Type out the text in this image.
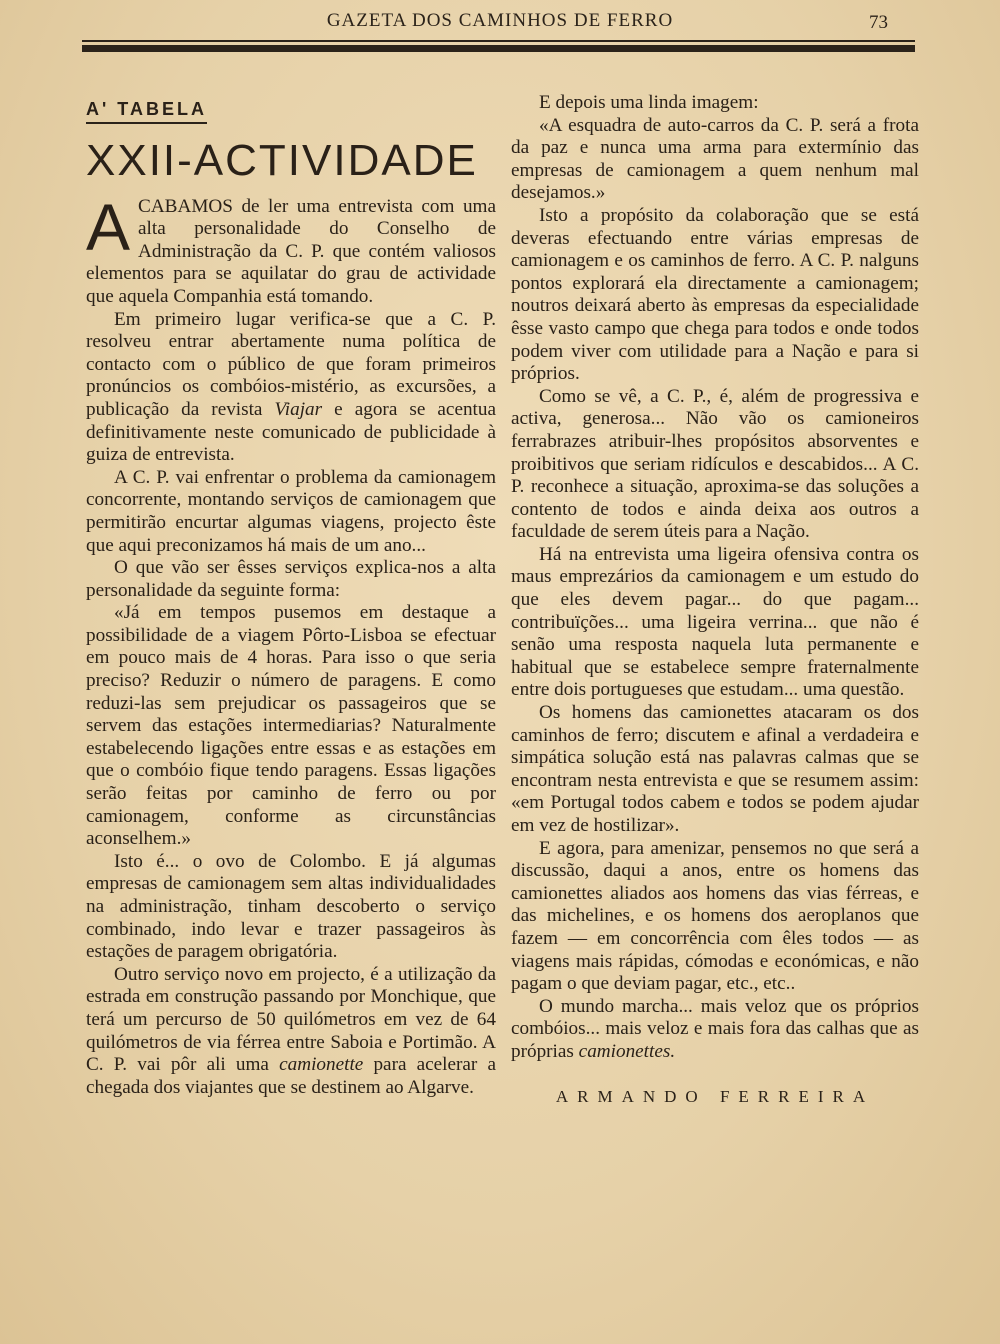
GAZETA DOS CAMINHOS DE FERRO	73
A' TABELA
XXII-ACTIVIDADE

ACABAMOS de ler uma entrevista com uma alta personalidade do Conselho de Administração da C. P. que contém valiosos elementos para se aquilatar do grau de actividade que aquela Companhia está tomando.

Em primeiro lugar verifica-se que a C. P. resolveu entrar abertamente numa política de contacto com o público de que foram primeiros pronúncios os combóios-mistério, as excursões, a publicação da revista Viajar e agora se acentua definitivamente neste comunicado de publicidade à guiza de entrevista.

A C. P. vai enfrentar o problema da camionagem concorrente, montando serviços de camionagem que permitirão encurtar algumas viagens, projecto êste que aqui preconizamos há mais de um ano...

O que vão ser êsses serviços explica-nos a alta personalidade da seguinte forma:

«Já em tempos pusemos em destaque a possibilidade de a viagem Pôrto-Lisboa se efectuar em pouco mais de 4 horas. Para isso o que seria preciso? Reduzir o número de paragens. E como reduzi-las sem prejudicar os passageiros que se servem das estações intermediarias? Naturalmente estabelecendo ligações entre essas e as estações em que o combóio fique tendo paragens. Essas ligações serão feitas por caminho de ferro ou por camionagem, conforme as circunstâncias aconselhem.»

Isto é... o ovo de Colombo. E já algumas empresas de camionagem sem altas individualidades na administração, tinham descoberto o serviço combinado, indo levar e trazer passageiros às estações de paragem obrigatória.

Outro serviço novo em projecto, é a utilização da estrada em construção passando por Monchique, que terá um percurso de 50 quilómetros em vez de 64 quilómetros de via férrea entre Saboia e Portimão. A C. P. vai pôr ali uma camionette para acelerar a chegada dos viajantes que se destinem ao Algarve.

E depois uma linda imagem:

«A esquadra de auto-carros da C. P. será a frota da paz e nunca uma arma para extermínio das empresas de camionagem a quem nenhum mal desejamos.»

Isto a propósito da colaboração que se está deveras efectuando entre várias empresas de camionagem e os caminhos de ferro. A C. P. nalguns pontos explorará ela directamente a camionagem; noutros deixará aberto às empresas da especialidade êsse vasto campo que chega para todos e onde todos podem viver com utilidade para a Nação e para si próprios.

Como se vê, a C. P., é, além de progressiva e activa, generosa... Não vão os camioneiros ferrabrazes atribuir-lhes propósitos absorventes e proibitivos que seriam ridículos e descabidos... A C. P. reconhece a situação, aproxima-se das soluções a contento de todos e ainda deixa aos outros a faculdade de serem úteis para a Nação.

Há na entrevista uma ligeira ofensiva contra os maus emprezários da camionagem e um estudo do que eles devem pagar... do que pagam... contribuïções... uma ligeira verrina... que não é senão uma resposta naquela luta permanente e habitual que se estabelece sempre fraternalmente entre dois portugueses que estudam... uma questão.

Os homens das camionettes atacaram os dos caminhos de ferro; discutem e afinal a verdadeira e simpática solução está nas palavras calmas que se encontram nesta entrevista e que se resumem assim: «em Portugal todos cabem e todos se podem ajudar em vez de hostilizar».

E agora, para amenizar, pensemos no que será a discussão, daqui a anos, entre os homens das camionettes aliados aos homens das vias férreas, e das michelines, e os homens dos aeroplanos que fazem — em concorrência com êles todos — as viagens mais rápidas, cómodas e económicas, e não pagam o que deviam pagar, etc., etc..

O mundo marcha... mais veloz que os próprios combóios... mais veloz e mais fora das calhas que as próprias camionettes.

ARMANDO FERREIRA
